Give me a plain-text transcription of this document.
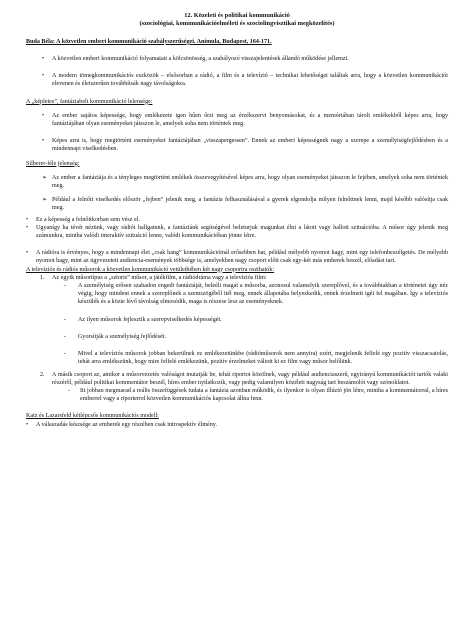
12. Közeleti és politikai kommunikáció
(szociológiai, kommunikációelméleti és szociolingvisztikai megközelítés)
Buda Béla: A közvetlen emberi kommunikáció szabályszerűségei. Animula, Budapest, 164-171.
• A közvetlen emberi kommunikáció folyamatait a kölcsönösség, a szabályozó visszajelentések állandó működése jellemzi.
• A modern tömegkommunikációs eszközök – elsősorban a rádió, a film és a televízió – technikai lehetőséget találtak arra, hogy a közvetlen kommunikációt elevenen és életszerűen továbbítsák nagy távolságokra.
A „képletes”, fantáziabeli kommunikáció lelensége:
• Az ember sajátos képessége, hogy emlékezete igen hűen őrzi meg az érzékszervi benyomásokat, és a memóriában tárolt emlékekből képes arra, hogy fantáziájában olyan eseményeket játsszon le, amelyek soha nem történtek meg.
• Képes arra is, hogy megtörtént eseményeket fantáziájában „visszapergessen”. Ennek az emberi képességnek nagy a szerepe a személyiségfejlődésben és a mindennapi viselkedésben.
Silberer-féle jelenség:
➢ Az ember a fantáziája és a tényleges megtörtént emlékek összevegyítésével képes arra, hogy olyan eseményeket játsszon le fejében, amelyek soha nem történtek meg.
➢ Például a felnőtt viselkedés először „fejben” jelenik meg, a fantázia felhasználásával a gyerek elgondolja milyen felnőttnek lenni, majd később valósítja csak meg.
• Ez a képesség a felnőttkorban sem vész el.
• Ugyanígy ha tévét nézünk, vagy rádiót hallgatunk, a fantáziánk segítségével beleturjuk magunkat élni a látott vagy hallott szituációba. A műsor úgy jelenik meg számunkra, mintha valódi interaktív szituáció lenne, valódi kommunikációban jönne létre.
• A rádióra is érvényes, hogy a mindennapi élet „csak hang” kommunikációinál erősebben hat, például mélyebb nyomot hagy, mint egy telefonbeszélgetés. De mélyebb nyomot hagy, mint az ügyvezetett audiencia-események többsége is, amelyekben nagy csoport előtt csak egy-két más emberek beszél, előadást tart.
A televíziós és rádiós műsorok a közvetlen kommunikáció vetülethében két nagy csoportra oszthatók:
1. Az egyik műsortípus a „sztoris” műsor, a játékfilm, a rádiódráma vagy a televíziós film:
- A személyiség erősen szabadon engedi fantáziáját, beleéli magát a műsorba, azonosul valamelyik szereplővel, és a továbbiakban a történetet úgy néz végig, hogy mindent ennek a szereplőnek a szemszögéből itél meg, ennek állapotába helyezkedik, ennek érzelmeit igéi fel magában. Így a televíziós készülék és a közte lévő távolság elmosódik, maga is részese lesz az eseményeknek.
- Az ilyen műsorok fejlesztik a szerepviselkedés képességét.
- Gyorsítják a személyiség fejlődését.
- Mivel a televíziós műsorok jobban bekerülnek ez emlékezetünkbe (rádióműsorok nem annyira) ezért, megjelenik felfelé egy pozitív visszacsatolás, tehát arra emlékszünk, hogy mire felfelé emlékezünk, pozitív érzelmeket váltott ki ez film vagy műsor belőlünk.
2. A másik csoport az, amikor a műsorvezetés valóságot mutatják be, tehát riportot közölnek, vagy például audienciaszerű, egyirányú kommunikációt tartók valaki részéről, például politikai kommentátor beszél, híres ember nyilatkozik, vagy pedig valamilyen közéleti nagyság tart beszámolót vagy szónoklatot.
- Itt jobban megmarad a reális összefüggések tudata a fantázia azonban működik, és ilyenkor is olyan illúzió jön létre, mintha a kommentátorral, a híres emberrel vagy a riporterrel közvetlen kommunikációs kapcsolat állna fenn.
Katz és Lazarsfeld kétlépcsős kommunikációs modell:
• A válaszadás készsége az emberek egy részében csak introspektív élmény.
